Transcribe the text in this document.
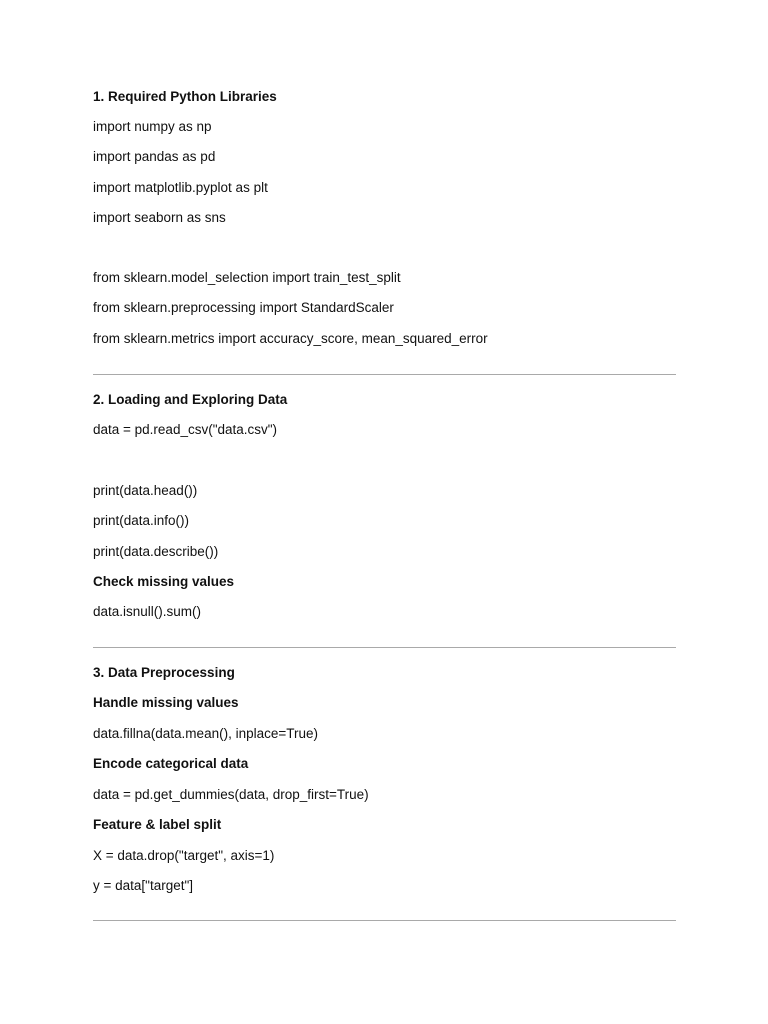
1. Required Python Libraries
import numpy as np
import pandas as pd
import matplotlib.pyplot as plt
import seaborn as sns
from sklearn.model_selection import train_test_split
from sklearn.preprocessing import StandardScaler
from sklearn.metrics import accuracy_score, mean_squared_error
2. Loading and Exploring Data
data = pd.read_csv("data.csv")
print(data.head())
print(data.info())
print(data.describe())
Check missing values
data.isnull().sum()
3. Data Preprocessing
Handle missing values
data.fillna(data.mean(), inplace=True)
Encode categorical data
data = pd.get_dummies(data, drop_first=True)
Feature & label split
X = data.drop("target", axis=1)
y = data["target"]
